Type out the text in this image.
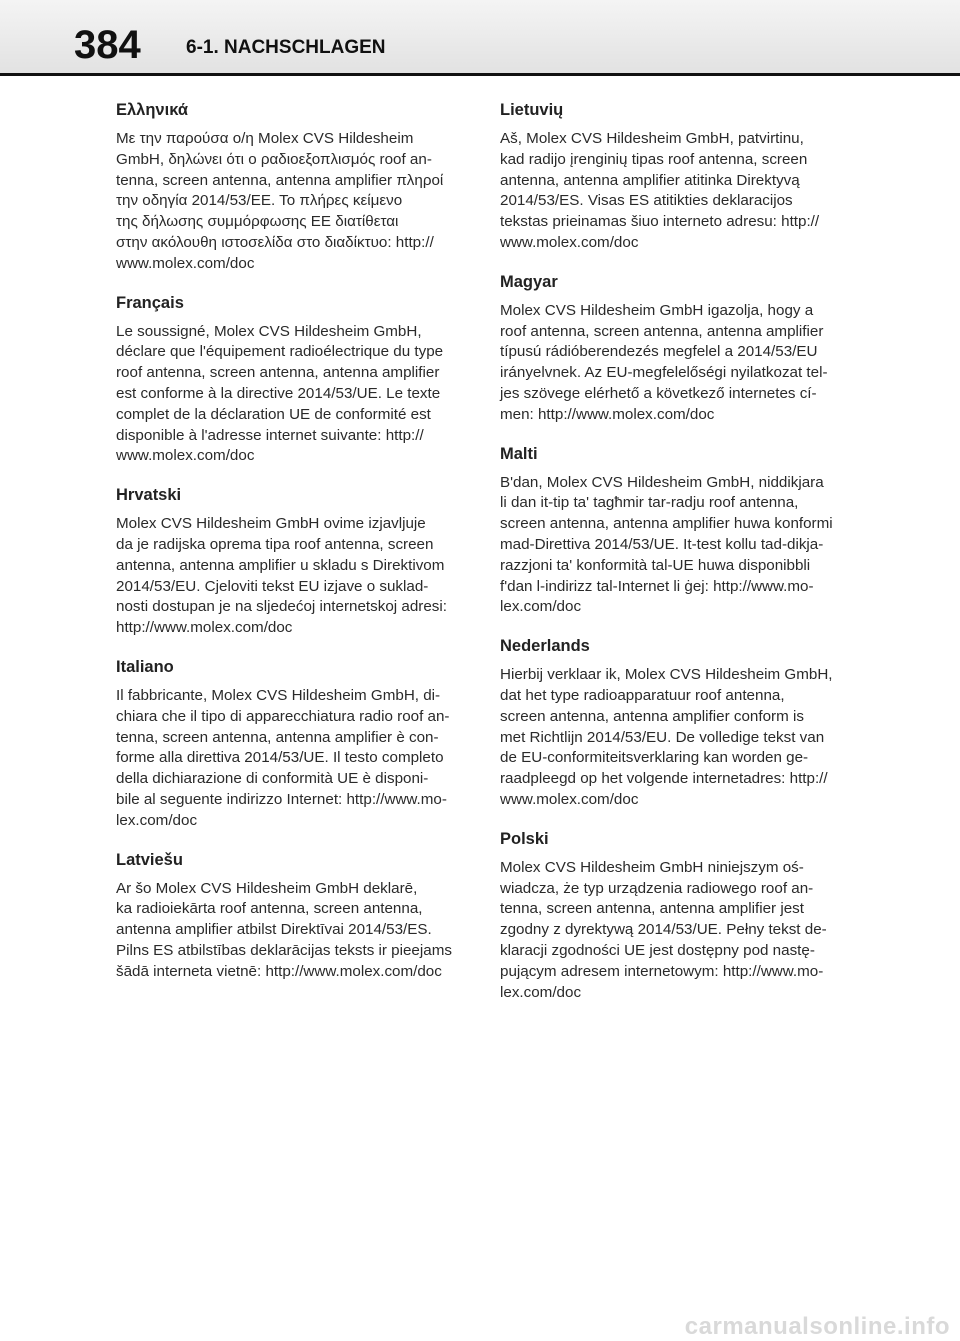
384 6-1. NACHSCHLAGEN
Ελληνικά

Με την παρούσα ο/η Molex CVS Hildesheim
GmbH, δηλώνει ότι ο ραδιοεξοπλισμός roof an-
tenna, screen antenna, antenna amplifier πληροί
την οδηγία 2014/53/ΕΕ. Το πλήρες κείμενο
της δήλωσης συμμόρφωσης ΕΕ διατίθεται
στην ακόλουθη ιστοσελίδα στο διαδίκτυο: http://
www.molex.com/doc

Français

Le soussigné, Molex CVS Hildesheim GmbH,
déclare que l'équipement radioélectrique du type
roof antenna, screen antenna, antenna amplifier
est conforme à la directive 2014/53/UE. Le texte
complet de la déclaration UE de conformité est
disponible à l'adresse internet suivante: http://
www.molex.com/doc

Hrvatski

Molex CVS Hildesheim GmbH ovime izjavljuje
da je radijska oprema tipa roof antenna, screen
antenna, antenna amplifier u skladu s Direktivom
2014/53/EU. Cjeloviti tekst EU izjave o suklad-
nosti dostupan je na sljedećoj internetskoj adresi:
http://www.molex.com/doc

Italiano

Il fabbricante, Molex CVS Hildesheim GmbH, di-
chiara che il tipo di apparecchiatura radio roof an-
tenna, screen antenna, antenna amplifier è con-
forme alla direttiva 2014/53/UE. Il testo completo
della dichiarazione di conformità UE è disponi-
bile al seguente indirizzo Internet: http://www.mo-
lex.com/doc

Latviešu

Ar šo Molex CVS Hildesheim GmbH deklarē,
ka radioiekārta roof antenna, screen antenna,
antenna amplifier atbilst Direktīvai 2014/53/ES.
Pilns ES atbilstības deklarācijas teksts ir pieejams
šādā interneta vietnē: http://www.molex.com/doc

Lietuvių

Aš, Molex CVS Hildesheim GmbH, patvirtinu,
kad radijo įrenginių tipas roof antenna, screen
antenna, antenna amplifier atitinka Direktyvą
2014/53/ES. Visas ES atitikties deklaracijos
tekstas prieinamas šiuo interneto adresu: http://
www.molex.com/doc

Magyar

Molex CVS Hildesheim GmbH igazolja, hogy a
roof antenna, screen antenna, antenna amplifier
típusú rádióberendezés megfelel a 2014/53/EU
irányelvnek. Az EU-megfelelőségi nyilatkozat tel-
jes szövege elérhető a következő internetes cí-
men: http://www.molex.com/doc

Malti

B'dan, Molex CVS Hildesheim GmbH, niddikjara
li dan it-tip ta' tagħmir tar-radju roof antenna,
screen antenna, antenna amplifier huwa konformi
mad-Direttiva 2014/53/UE. It-test kollu tad-dikja-
razzjoni ta' konformità tal-UE huwa disponibbli
f'dan l-indirizz tal-Internet li ġej: http://www.mo-
lex.com/doc

Nederlands

Hierbij verklaar ik, Molex CVS Hildesheim GmbH,
dat het type radioapparatuur roof antenna,
screen antenna, antenna amplifier conform is
met Richtlijn 2014/53/EU. De volledige tekst van
de EU-conformiteitsverklaring kan worden ge-
raadpleegd op het volgende internetadres: http://
www.molex.com/doc

Polski

Molex CVS Hildesheim GmbH niniejszym oś-
wiadcza, że typ urządzenia radiowego roof an-
tenna, screen antenna, antenna amplifier jest
zgodny z dyrektywą 2014/53/UE. Pełny tekst de-
klaracji zgodności UE jest dostępny pod nastę-
pującym adresem internetowym: http://www.mo-
lex.com/doc

carmanualsonline.info
